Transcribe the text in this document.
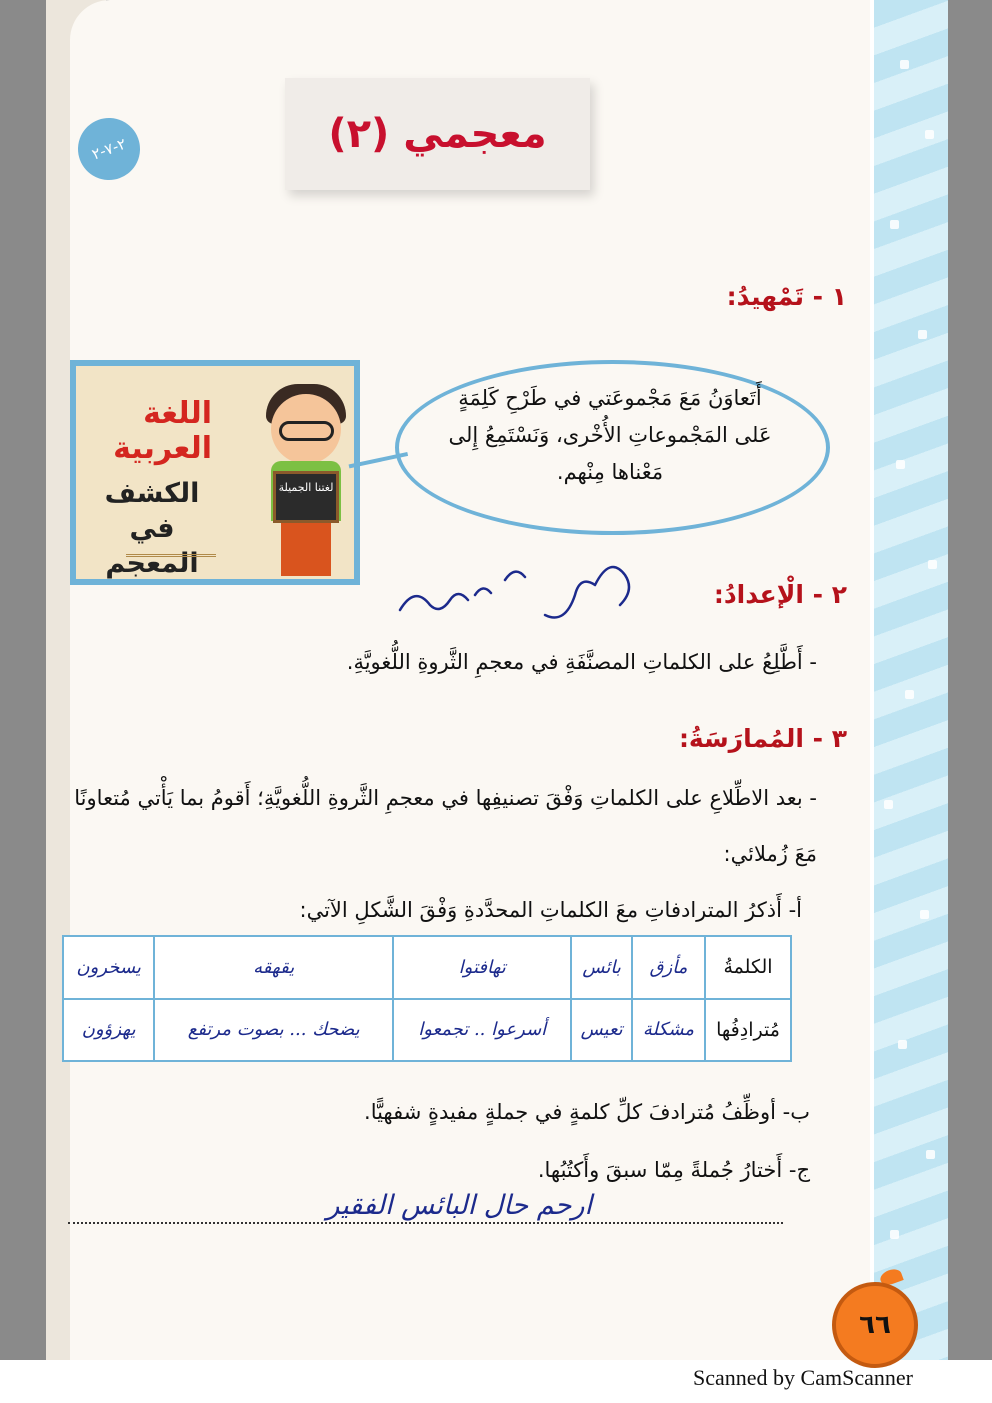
٢-٧-٢	معجمي (٢)
١ - تَمْهيدُ:
اللغة العربية
الكشف في المعجم
لغتنا الجميلة
أَتَعاوَنُ مَعَ مَجْموعَتي في طَرْحِ كَلِمَةٍ
عَلى المَجْموعاتِ الأُخْرى، وَنَسْتَمِعُ إِلى
مَعْناها مِنْهم.
٢ - الْإعدادُ:
- أَطَّلِعُ على الكلماتِ المصنَّفَةِ في معجمِ الثَّروةِ اللُّغويَّةِ.
٣ - المُمارَسَةُ:
- بعد الاطِّلاعِ على الكلماتِ وَفْقَ تصنيفِها في معجمِ الثَّروةِ اللُّغويَّةِ؛ أَقومُ بما يَأْتي مُتعاونًا
مَعَ زُملائي:
أ- أَذكرُ المترادفاتِ معَ الكلماتِ المحدَّدةِ وَفْقَ الشَّكلِ الآتي:
الكلمةُ	مأزق	بائس	تهافتوا	يقهقه	يسخرون
مُترادِفُها	مشكلة	تعيس	أسرعوا .. تجمعوا	يضحك ... بصوت مرتفع	يهزؤون
ب- أوظِّفُ مُترادفَ كلِّ كلمةٍ في جملةٍ مفيدةٍ شفهيًّا.
ج- أَختارُ جُملةً مِمّا سبقَ وأَكتُبُها.
ارحم حال البائس الفقير
٦٦
Scanned by CamScanner
